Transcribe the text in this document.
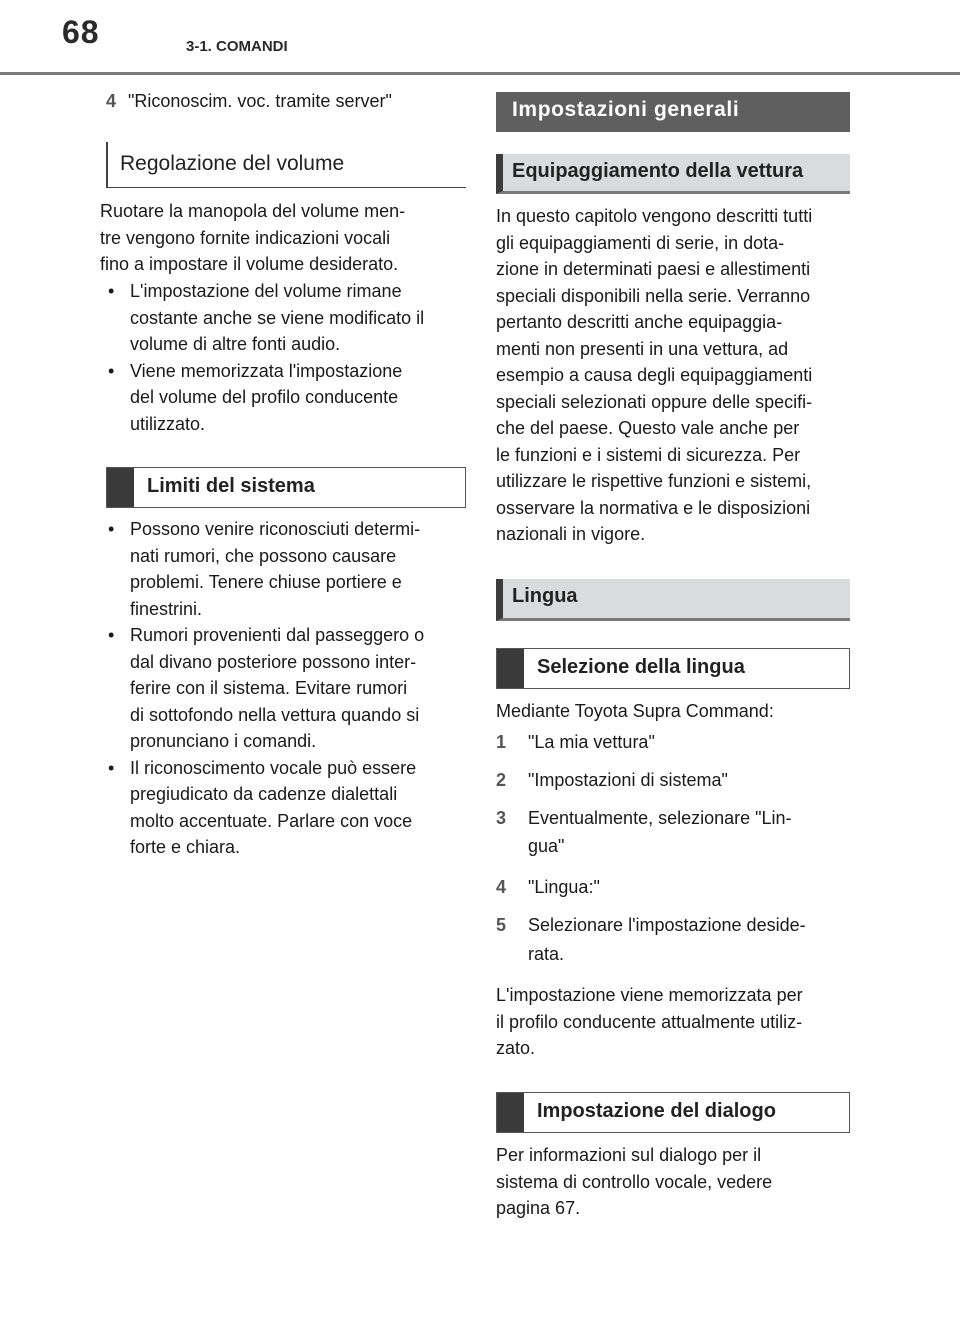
68	3-1. COMANDI
4 "Riconoscim. voc. tramite server"
Regolazione del volume
Ruotare la manopola del volume men-
tre vengono fornite indicazioni vocali
fino a impostare il volume desiderato.
• L'impostazione del volume rimane
costante anche se viene modificato il
volume di altre fonti audio.
• Viene memorizzata l'impostazione
del volume del profilo conducente
utilizzato.
Limiti del sistema
• Possono venire riconosciuti determi-
nati rumori, che possono causare
problemi. Tenere chiuse portiere e
finestrini.
• Rumori provenienti dal passeggero o
dal divano posteriore possono inter-
ferire con il sistema. Evitare rumori
di sottofondo nella vettura quando si
pronunciano i comandi.
• Il riconoscimento vocale può essere
pregiudicato da cadenze dialettali
molto accentuate. Parlare con voce
forte e chiara.
Impostazioni generali
Equipaggiamento della vettura
In questo capitolo vengono descritti tutti
gli equipaggiamenti di serie, in dota-
zione in determinati paesi e allestimenti
speciali disponibili nella serie. Verranno
pertanto descritti anche equipaggia-
menti non presenti in una vettura, ad
esempio a causa degli equipaggiamenti
speciali selezionati oppure delle specifi-
che del paese. Questo vale anche per
le funzioni e i sistemi di sicurezza. Per
utilizzare le rispettive funzioni e sistemi,
osservare la normativa e le disposizioni
nazionali in vigore.
Lingua
Selezione della lingua
Mediante Toyota Supra Command:
1 "La mia vettura"
2 "Impostazioni di sistema"
3 Eventualmente, selezionare "Lin-
gua"
4 "Lingua:"
5 Selezionare l'impostazione deside-
rata.
L'impostazione viene memorizzata per
il profilo conducente attualmente utiliz-
zato.
Impostazione del dialogo
Per informazioni sul dialogo per il
sistema di controllo vocale, vedere
pagina 67.
